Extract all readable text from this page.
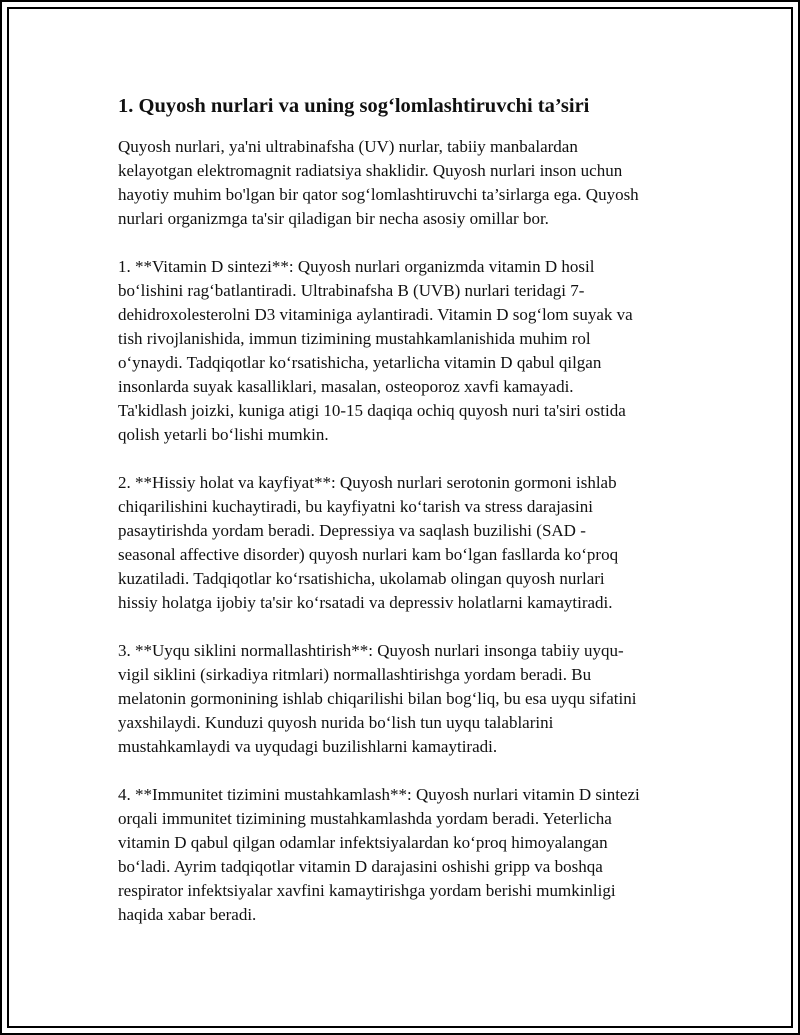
1. Quyosh nurlari va uning sog‘lomlashtiruvchi ta’siri

Quyosh nurlari, ya'ni ultrabinafsha (UV) nurlar, tabiiy manbalardan
kelayotgan elektromagnit radiatsiya shaklidir. Quyosh nurlari inson uchun
hayotiy muhim bo'lgan bir qator sog‘lomlashtiruvchi ta’sirlarga ega. Quyosh
nurlari organizmga ta'sir qiladigan bir necha asosiy omillar bor.

1. **Vitamin D sintezi**: Quyosh nurlari organizmda vitamin D hosil
bo‘lishini rag‘batlantiradi. Ultrabinafsha B (UVB) nurlari teridagi 7-
dehidroxolesterolni D3 vitaminiga aylantiradi. Vitamin D sog‘lom suyak va
tish rivojlanishida, immun tizimining mustahkamlanishida muhim rol
o‘ynaydi. Tadqiqotlar ko‘rsatishicha, yetarlicha vitamin D qabul qilgan
insonlarda suyak kasalliklari, masalan, osteoporoz xavfi kamayadi.
Ta'kidlash joizki, kuniga atigi 10-15 daqiqa ochiq quyosh nuri ta'siri ostida
qolish yetarli bo‘lishi mumkin.

2. **Hissiy holat va kayfiyat**: Quyosh nurlari serotonin gormoni ishlab
chiqarilishini kuchaytiradi, bu kayfiyatni ko‘tarish va stress darajasini
pasaytirishda yordam beradi. Depressiya va saqlash buzilishi (SAD -
seasonal affective disorder) quyosh nurlari kam bo‘lgan fasllarda ko‘proq
kuzatiladi. Tadqiqotlar ko‘rsatishicha, ukolamab olingan quyosh nurlari
hissiy holatga ijobiy ta'sir ko‘rsatadi va depressiv holatlarni kamaytiradi.

3. **Uyqu siklini normallashtirish**: Quyosh nurlari insonga tabiiy uyqu-
vigil siklini (sirkadiya ritmlari) normallashtirishga yordam beradi. Bu
melatonin gormonining ishlab chiqarilishi bilan bog‘liq, bu esa uyqu sifatini
yaxshilaydi. Kunduzi quyosh nurida bo‘lish tun uyqu talablarini
mustahkamlaydi va uyqudagi buzilishlarni kamaytiradi.

4. **Immunitet tizimini mustahkamlash**: Quyosh nurlari vitamin D sintezi
orqali immunitet tizimining mustahkamlashda yordam beradi. Yeterlicha
vitamin D qabul qilgan odamlar infektsiyalardan ko‘proq himoyalangan
bo‘ladi. Ayrim tadqiqotlar vitamin D darajasini oshishi gripp va boshqa
respirator infektsiyalar xavfini kamaytirishga yordam berishi mumkinligi
haqida xabar beradi.
